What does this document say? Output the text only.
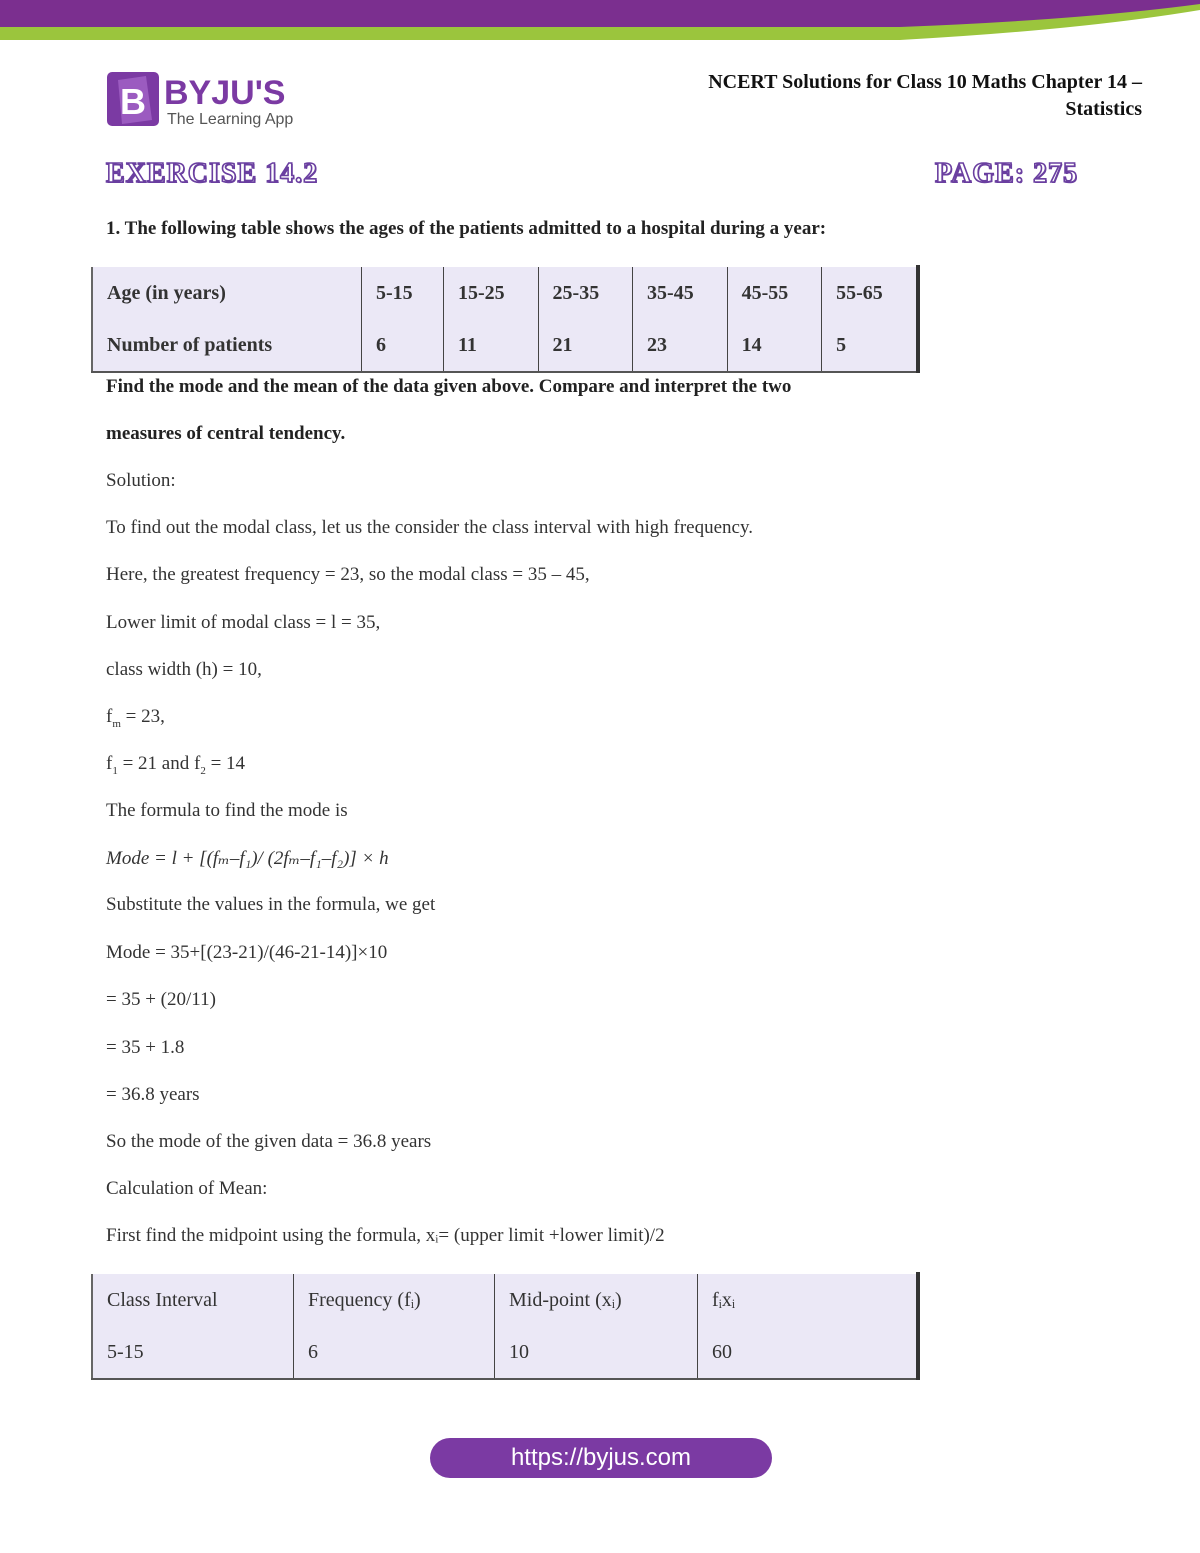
B BYJU'S
The Learning App
NCERT Solutions for Class 10 Maths Chapter 14 –
Statistics
EXERCISE 14.2	PAGE: 275
1. The following table shows the ages of the patients admitted to a hospital during a year:
Age (in years)	5-15	15-25	25-35	35-45	45-55	55-65
Number of patients	6	11	21	23	14	5
Find the mode and the mean of the data given above. Compare and interpret the two
measures of central tendency.
Solution:
To find out the modal class, let us the consider the class interval with high frequency.
Here, the greatest frequency = 23, so the modal class = 35 – 45,
Lower limit of modal class = l = 35,
class width (h) = 10,
$f_m = 23$,
$f_1 = 21$ and $f_2 = 14$
The formula to find the mode is
Mode = l + [(fₘ–f₁)/ (2fₘ–f₁–f₂)] × h
Substitute the values in the formula, we get
Mode = 35+[(23-21)/(46-21-14)]×10
= 35 + (20/11)
= 35 + 1.8
= 36.8 years
So the mode of the given data = 36.8 years
Calculation of Mean:
First find the midpoint using the formula, xᵢ= (upper limit +lower limit)/2
Class Interval	Frequency (fᵢ)	Mid-point (xᵢ)	fᵢxᵢ
5-15	6	10	60
https://byjus.com
